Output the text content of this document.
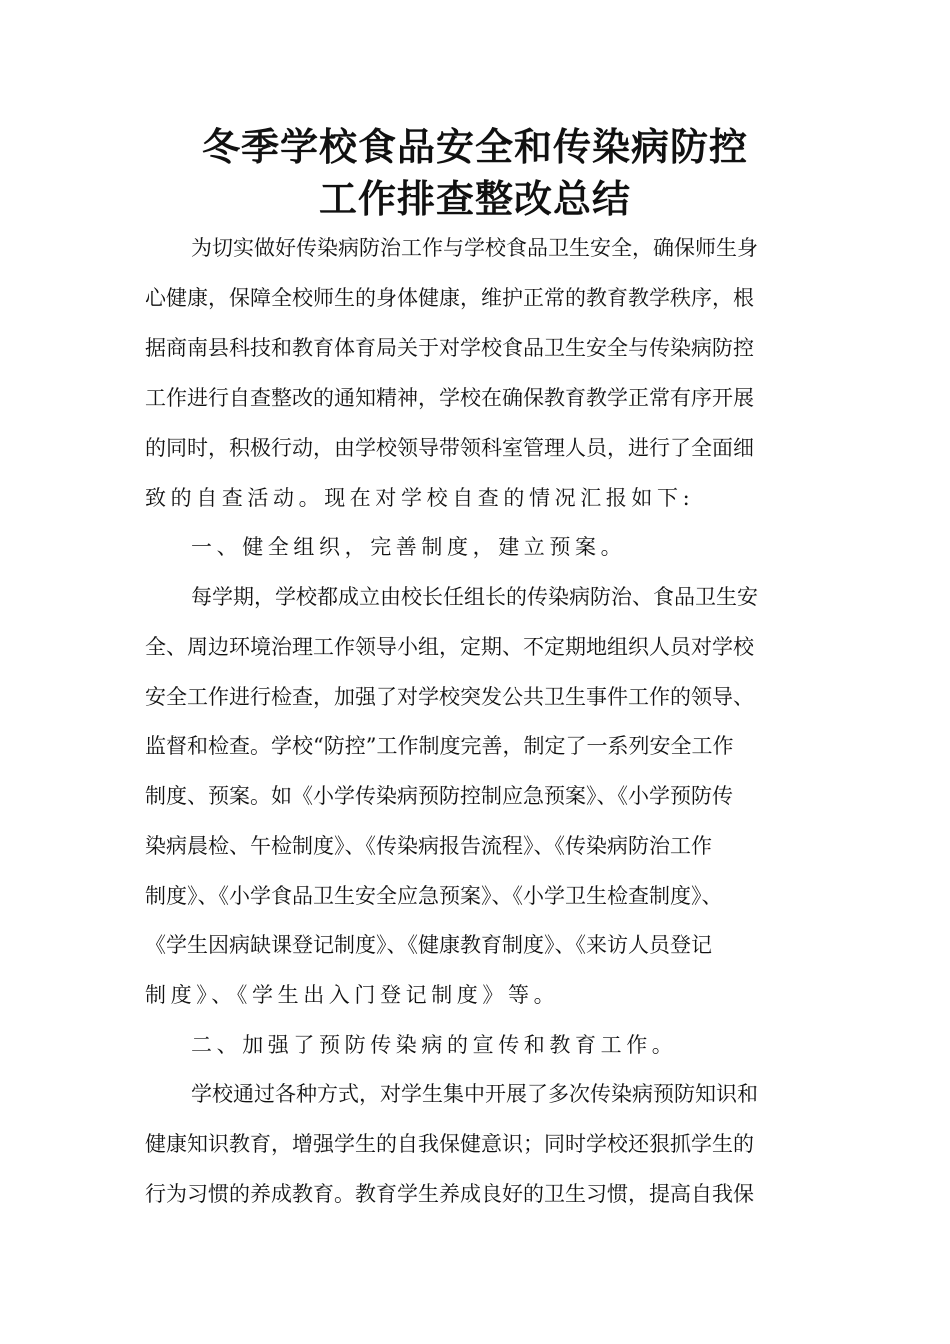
冬季学校食品安全和传染病防控
工作排查整改总结
为切实做好传染病防治工作与学校食品卫生安全，确保师生身
心健康，保障全校师生的身体健康，维护正常的教育教学秩序，根
据商南县科技和教育体育局关于对学校食品卫生安全与传染病防控
工作进行自查整改的通知精神，学校在确保教育教学正常有序开展
的同时，积极行动，由学校领导带领科室管理人员，进行了全面细
致的自查活动。现在对学校自查的情况汇报如下:
一、健全组织，完善制度，建立预案。
每学期，学校都成立由校长任组长的传染病防治、食品卫生安
全、周边环境治理工作领导小组，定期、不定期地组织人员对学校
安全工作进行检查，加强了对学校突发公共卫生事件工作的领导、
监督和检查。学校“防控”工作制度完善，制定了一系列安全工作
制度、预案。如《小学传染病预防控制应急预案》、《小学预防传
染病晨检、午检制度》、《传染病报告流程》、《传染病防治工作
制度》、《小学食品卫生安全应急预案》、《小学卫生检查制度》、
《学生因病缺课登记制度》、《健康教育制度》、《来访人员登记
制度》、《学生出入门登记制度》等。
二、加强了预防传染病的宣传和教育工作。
学校通过各种方式，对学生集中开展了多次传染病预防知识和
健康知识教育，增强学生的自我保健意识；同时学校还狠抓学生的
行为习惯的养成教育。教育学生养成良好的卫生习惯，提高自我保
